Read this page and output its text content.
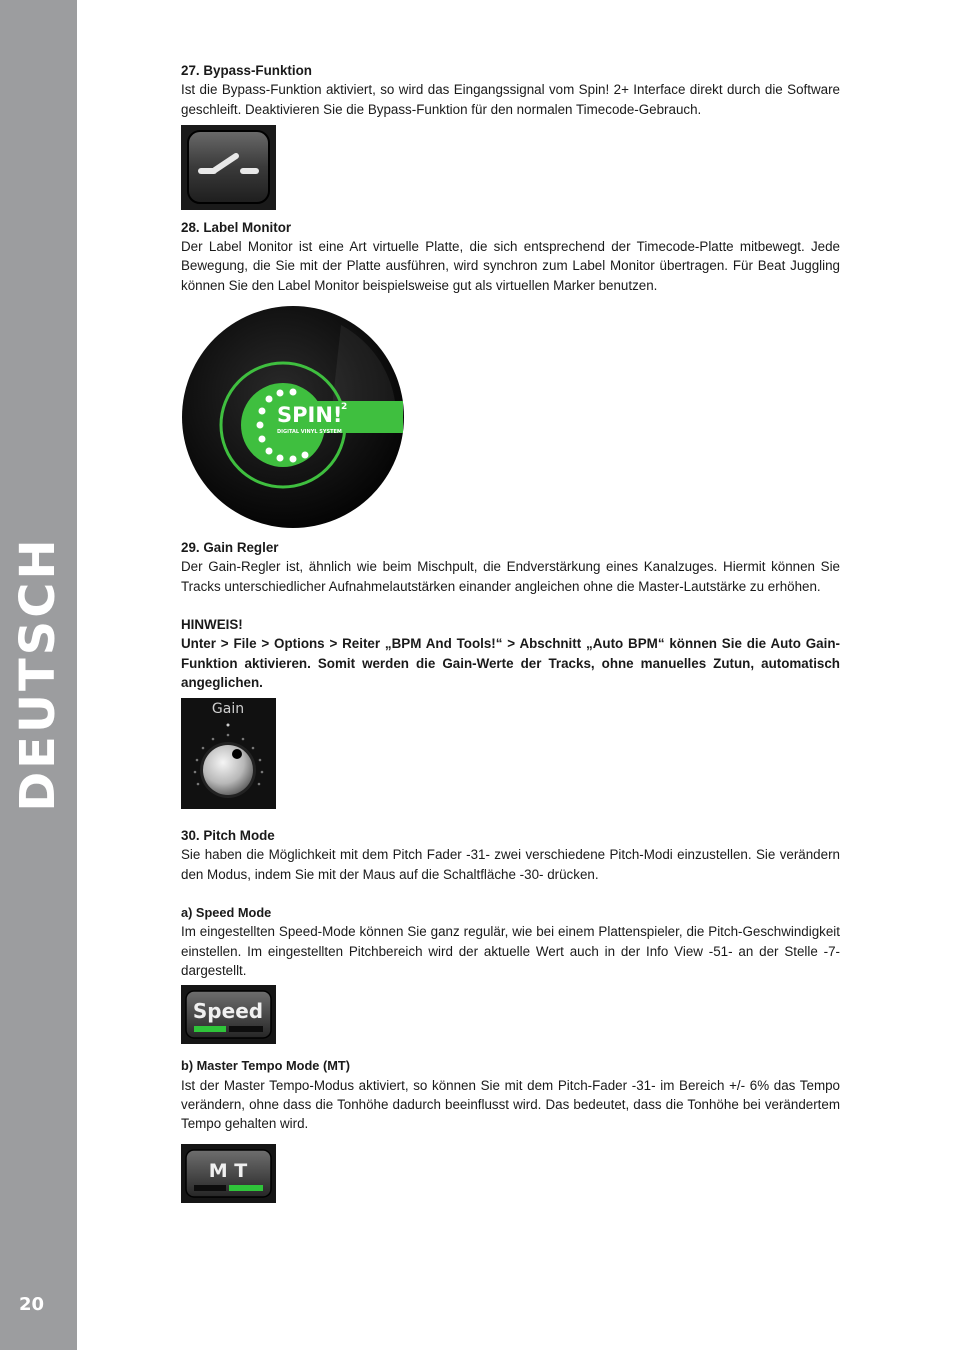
DEUTSCH
20
27. Bypass-Funktion

Ist die Bypass-Funktion aktiviert, so wird das Eingangssignal vom Spin! 2+ Interface direkt durch die Software geschleift. Deaktivieren Sie die Bypass-Funktion für den normalen Timecode-Gebrauch.

28. Label Monitor

Der Label Monitor ist eine Art virtuelle Platte, die sich entsprechend der Timecode-Platte mitbewegt. Jede Bewegung, die Sie mit der Platte ausführen, wird synchron zum Label Monitor übertragen. Für Beat Juggling können Sie den Label Monitor beispielsweise gut als virtuellen Marker benutzen.

SPIN!
2
DIGITAL VINYL SYSTEM
29. Gain Regler

Der Gain-Regler ist, ähnlich wie beim Mischpult, die Endverstärkung eines Kanalzuges. Hiermit können Sie Tracks unterschiedlicher Aufnahmelautstärken einander angleichen ohne die Master-Lautstärke zu erhöhen.

HINWEIS!

Unter > File > Options > Reiter „BPM And Tools!“ > Abschnitt „Auto BPM“ können Sie die Auto Gain-Funktion aktivieren. Somit werden die Gain-Werte der Tracks, ohne manuelles Zutun, automatisch angeglichen.

Gain
30. Pitch Mode

Sie haben die Möglichkeit mit dem Pitch Fader -31- zwei verschiedene Pitch-Modi einzustellen. Sie verändern den Modus, indem Sie mit der Maus auf die Schaltfläche -30- drücken.

a) Speed Mode

Im eingestellten Speed-Mode können Sie ganz regulär, wie bei einem Plattenspieler, die Pitch-Geschwindigkeit einstellen. Im eingestellten Pitchbereich wird der aktuelle Wert auch in der Info View -51- an der Stelle -7- dargestellt.

Speed
b) Master Tempo Mode (MT)

Ist der Master Tempo-Modus aktiviert, so können Sie mit dem Pitch-Fader -31- im Bereich +/- 6% das Tempo verändern, ohne dass die Tonhöhe dadurch beeinflusst wird. Das bedeutet, dass die Tonhöhe bei verändertem Tempo gehalten wird.

M T
